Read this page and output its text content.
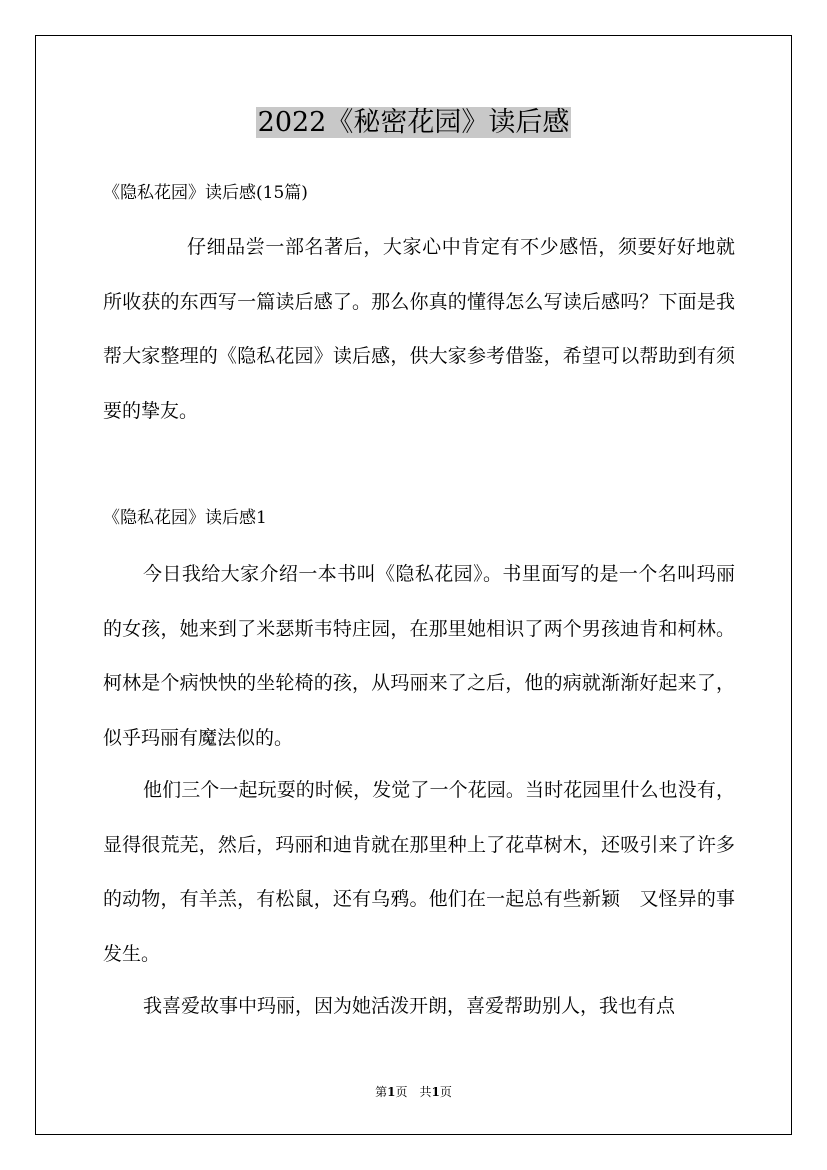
2022《秘密花园》读后感
《隐私花园》读后感(15篇)

仔细品尝一部名著后，大家心中肯定有不少感悟，须要好好地就所收获的东西写一篇读后感了。那么你真的懂得怎么写读后感吗？下面是我帮大家整理的《隐私花园》读后感，供大家参考借鉴，希望可以帮助到有须要的挚友。

《隐私花园》读后感1

今日我给大家介绍一本书叫《隐私花园》。书里面写的是一个名叫玛丽的女孩，她来到了米瑟斯韦特庄园，在那里她相识了两个男孩迪肯和柯林。柯林是个病怏怏的坐轮椅的孩，从玛丽来了之后，他的病就渐渐好起来了，似乎玛丽有魔法似的。

他们三个一起玩耍的时候，发觉了一个花园。当时花园里什么也没有，显得很荒芜，然后，玛丽和迪肯就在那里种上了花草树木，还吸引来了许多的动物，有羊羔，有松鼠，还有乌鸦。他们在一起总有些新颖　又怪异的事发生。

我喜爱故事中玛丽，因为她活泼开朗，喜爱帮助别人，我也有点

第1页　共1页
